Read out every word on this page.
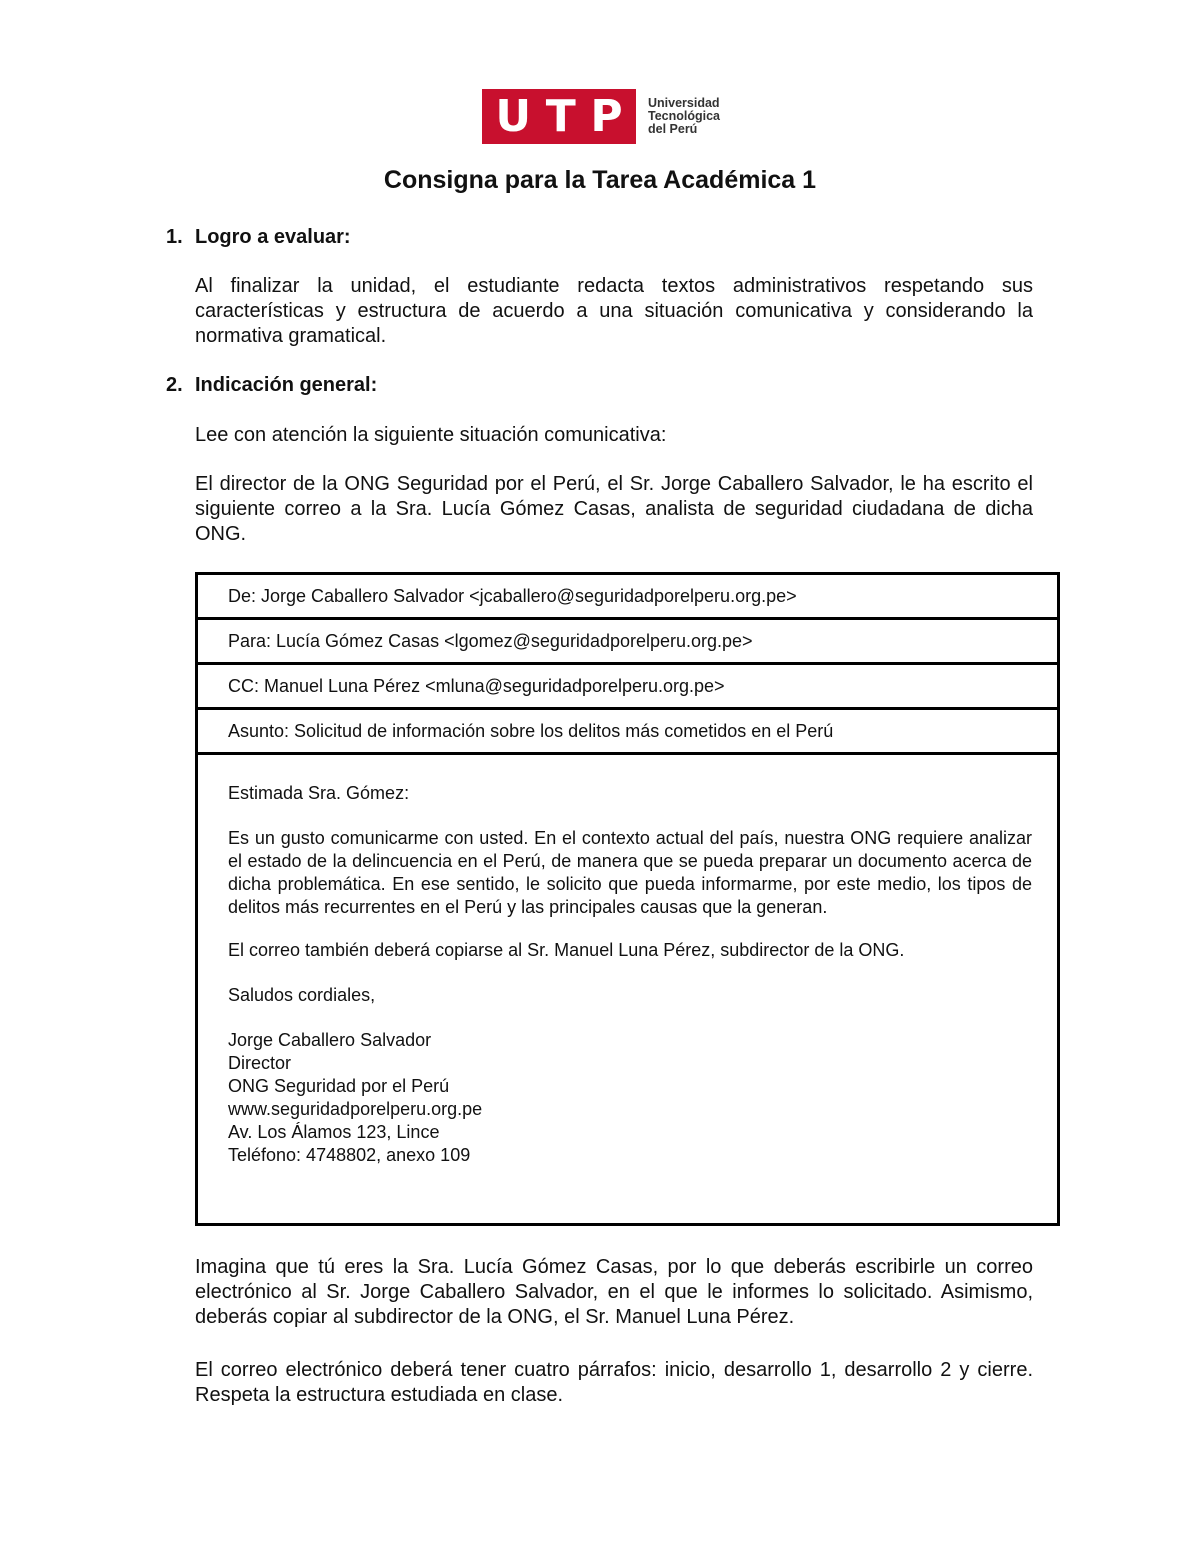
U T P Universidad
Tecnológica
del Perú
Consigna para la Tarea Académica 1
1. Logro a evaluar:

Al finalizar la unidad, el estudiante redacta textos administrativos respetando sus características y estructura de acuerdo a una situación comunicativa y considerando la normativa gramatical.

2. Indicación general:

Lee con atención la siguiente situación comunicativa:

El director de la ONG Seguridad por el Perú, el Sr. Jorge Caballero Salvador, le ha escrito el siguiente correo a la Sra. Lucía Gómez Casas, analista de seguridad ciudadana de dicha ONG.

De: Jorge Caballero Salvador <jcaballero@seguridadporelperu.org.pe>
Para: Lucía Gómez Casas <lgomez@seguridadporelperu.org.pe>
CC: Manuel Luna Pérez <mluna@seguridadporelperu.org.pe>
Asunto: Solicitud de información sobre los delitos más cometidos en el Perú

Estimada Sra. Gómez:

Es un gusto comunicarme con usted. En el contexto actual del país, nuestra ONG requiere analizar el estado de la delincuencia en el Perú, de manera que se pueda preparar un documento acerca de dicha problemática. En ese sentido, le solicito que pueda informarme, por este medio, los tipos de delitos más recurrentes en el Perú y las principales causas que la generan.

El correo también deberá copiarse al Sr. Manuel Luna Pérez, subdirector de la ONG.

Saludos cordiales,

Jorge Caballero Salvador
Director
ONG Seguridad por el Perú
www.seguridadporelperu.org.pe
Av. Los Álamos 123, Lince
Teléfono: 4748802, anexo 109

Imagina que tú eres la Sra. Lucía Gómez Casas, por lo que deberás escribirle un correo electrónico al Sr. Jorge Caballero Salvador, en el que le informes lo solicitado. Asimismo, deberás copiar al subdirector de la ONG, el Sr. Manuel Luna Pérez.

El correo electrónico deberá tener cuatro párrafos: inicio, desarrollo 1, desarrollo 2 y cierre. Respeta la estructura estudiada en clase.
